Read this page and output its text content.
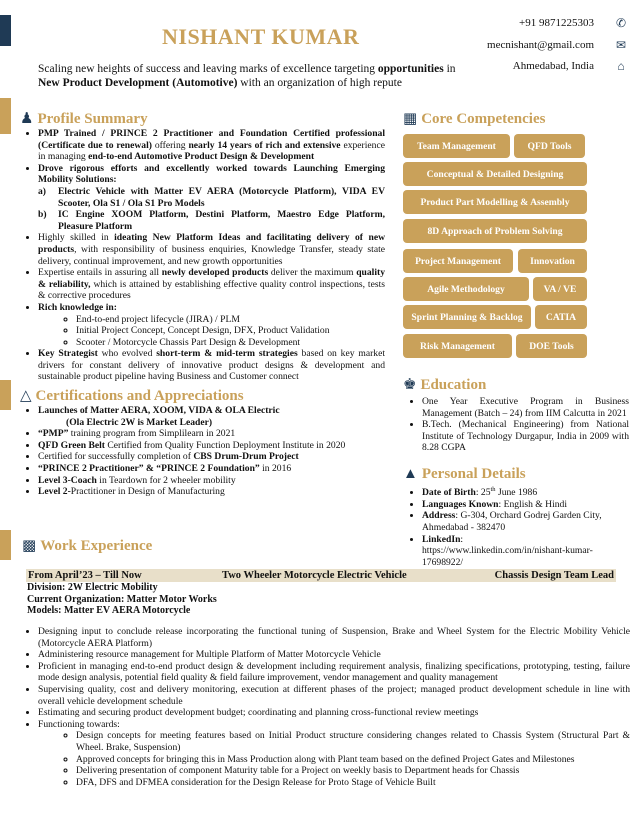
NISHANT KUMAR
+91 9871225303 ✆
mecnishant@gmail.com ✉
Ahmedabad, India ⌂
Scaling new heights of success and leaving marks of excellence targeting opportunities in New Product Development (Automotive) with an organization of high repute
♟ Profile Summary
• PMP Trained / PRINCE 2 Practitioner and Foundation Certified professional (Certificate due to renewal) offering nearly 14 years of rich and extensive experience in managing end-to-end Automotive Product Design & Development
• Drove rigorous efforts and excellently worked towards Launching Emerging Mobility Solutions:
a) Electric Vehicle with Matter EV AERA (Motorcycle Platform), VIDA EV Scooter, Ola S1 / Ola S1 Pro Models
b) IC Engine XOOM Platform, Destini Platform, Maestro Edge Platform, Pleasure Platform
• Highly skilled in ideating New Platform Ideas and facilitating delivery of new products, with responsibility of business enquiries, Knowledge Transfer, steady state delivery, continual improvement, and new growth opportunities
• Expertise entails in assuring all newly developed products deliver the maximum quality & reliability, which is attained by establishing effective quality control inspections, tests & corrective procedures
• Rich knowledge in:
◦ End-to-end project lifecycle (JIRA) / PLM
◦ Initial Project Concept, Concept Design, DFX, Product Validation
◦ Scooter / Motorcycle Chassis Part Design & Development
• Key Strategist who evolved short-term & mid-term strategies based on key market drivers for constant delivery of innovative product designs & development and sustainable product pipeline having Business and Customer connect
▦ Core Competencies
Team Management	QFD Tools
Conceptual & Detailed Designing
Product Part Modelling & Assembly
8D Approach of Problem Solving
Project Management	Innovation
Agile Methodology	VA / VE
Sprint Planning & Backlog	CATIA
Risk Management	DOE Tools
△ Certifications and Appreciations
• Launches of Matter AERA, XOOM, VIDA & OLA Electric
(Ola Electric 2W is Market Leader)
• “PMP” training program from Simplilearn in 2021
• QFD Green Belt Certified from Quality Function Deployment Institute in 2020
• Certified for successfully completion of CBS Drum-Drum Project
• “PRINCE 2 Practitioner” & “PRINCE 2 Foundation” in 2016
• Level 3-Coach in Teardown for 2 wheeler mobility
• Level 2-Practitioner in Design of Manufacturing
♚ Education
• One Year Executive Program in Business Management (Batch – 24) from IIM Calcutta in 2021
• B.Tech. (Mechanical Engineering) from National Institute of Technology Durgapur, India in 2009 with 8.28 CGPA
▲ Personal Details
• Date of Birth: 25th June 1986
• Languages Known: English & Hindi
• Address: G-304, Orchard Godrej Garden City, Ahmedabad - 382470
• LinkedIn:
https://www.linkedin.com/in/nishant-kumar-17698922/
▩ Work Experience
From April’23 – Till Now	Two Wheeler Motorcycle Electric Vehicle	Chassis Design Team Lead
Division: 2W Electric Mobility
Current Organization: Matter Motor Works
Models: Matter EV AERA Motorcycle
• Designing input to conclude release incorporating the functional tuning of Suspension, Brake and Wheel System for the Electric Mobility Vehicle (Motorcycle AERA Platform)
• Administering resource management for Multiple Platform of Matter Motorcycle Vehicle
• Proficient in managing end-to-end product design & development including requirement analysis, finalizing specifications, prototyping, testing, failure mode design analysis, potential field quality & field failure improvement, vendor management and quality management
• Supervising quality, cost and delivery monitoring, execution at different phases of the project; managed product development schedule in line with overall vehicle development schedule
• Estimating and securing product development budget; coordinating and planning cross-functional review meetings
• Functioning towards:
◦ Design concepts for meeting features based on Initial Product structure considering changes related to Chassis System (Structural Part & Wheel. Brake, Suspension)
◦ Approved concepts for bringing this in Mass Production along with Plant team based on the defined Project Gates and Milestones
◦ Delivering presentation of component Maturity table for a Project on weekly basis to Department heads for Chassis
◦ DFA, DFS and DFMEA consideration for the Design Release for Proto Stage of Vehicle Built
